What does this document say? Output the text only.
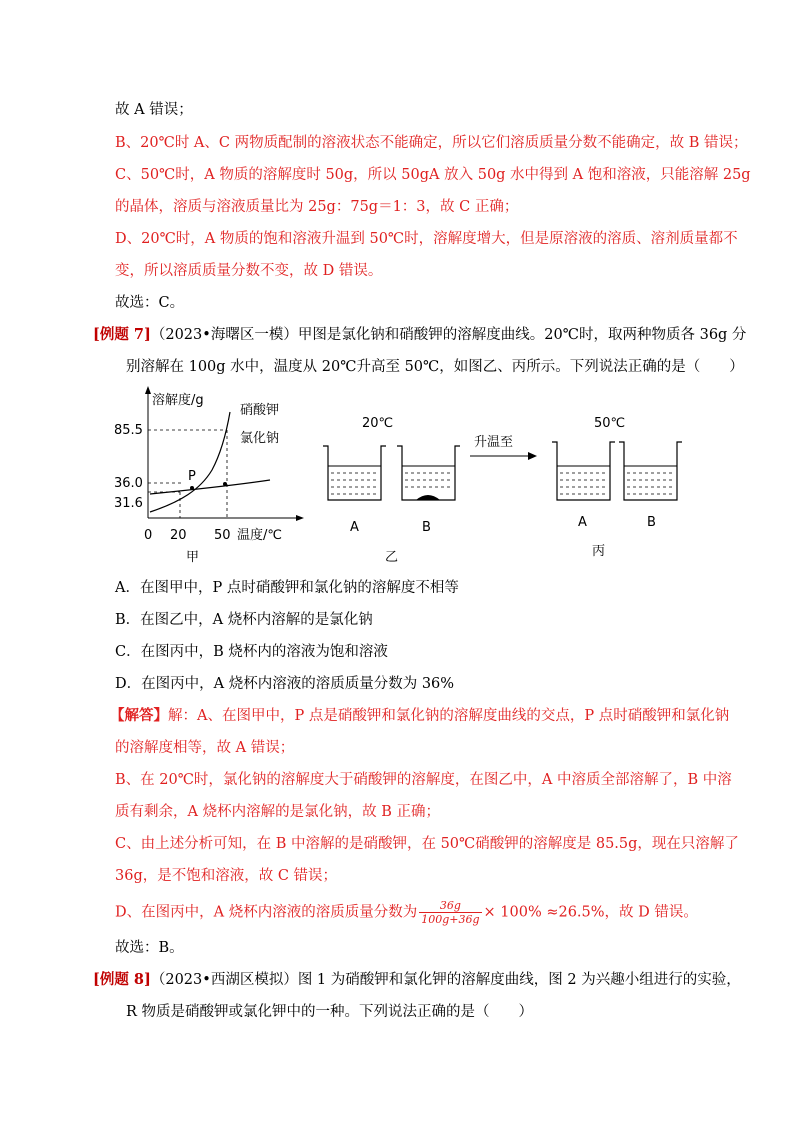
故 A 错误；
B、20℃时 A、C 两物质配制的溶液状态不能确定，所以它们溶质质量分数不能确定，故 B 错误；
C、50℃时，A 物质的溶解度时 50g，所以 50gA 放入 50g 水中得到 A 饱和溶液，只能溶解 25g
的晶体，溶质与溶液质量比为 25g：75g＝1：3，故 C 正确；
D、20℃时，A 物质的饱和溶液升温到 50℃时，溶解度增大，但是原溶液的溶质、溶剂质量都不
变，所以溶质质量分数不变，故 D 错误。
故选：C。
[例题 7]（2023•海曙区一模）甲图是氯化钠和硝酸钾的溶解度曲线。20℃时，取两种物质各 36g 分
别溶解在 100g 水中，温度从 20℃升高至 50℃，如图乙、丙所示。下列说法正确的是（　　）
溶解度/g
温度/℃
85.5
36.0
31.6
0 20 50
P
硝酸钾
氯化钠
甲
20℃
A	B
乙
升温至
50℃
A	B
丙
A．在图甲中，P 点时硝酸钾和氯化钠的溶解度不相等
B．在图乙中，A 烧杯内溶解的是氯化钠
C．在图丙中，B 烧杯内的溶液为饱和溶液
D．在图丙中，A 烧杯内溶液的溶质质量分数为 36%
【解答】解：A、在图甲中，P 点是硝酸钾和氯化钠的溶解度曲线的交点，P 点时硝酸钾和氯化钠
的溶解度相等，故 A 错误；
B、在 20℃时，氯化钠的溶解度大于硝酸钾的溶解度，在图乙中，A 中溶质全部溶解了，B 中溶
质有剩余，A 烧杯内溶解的是氯化钠，故 B 正确；
C、由上述分析可知，在 B 中溶解的是硝酸钾，在 50℃硝酸钾的溶解度是 85.5g，现在只溶解了
36g，是不饱和溶液，故 C 错误；
D、在图丙中，A 烧杯内溶液的溶质质量分数为 $\frac{36g}{100g+36g} \times 100\% \approx 26.5\%$，故 D 错误。
故选：B。
[例题 8]（2023•西湖区模拟）图 1 为硝酸钾和氯化钾的溶解度曲线，图 2 为兴趣小组进行的实验，
R 物质是硝酸钾或氯化钾中的一种。下列说法正确的是（　　）
